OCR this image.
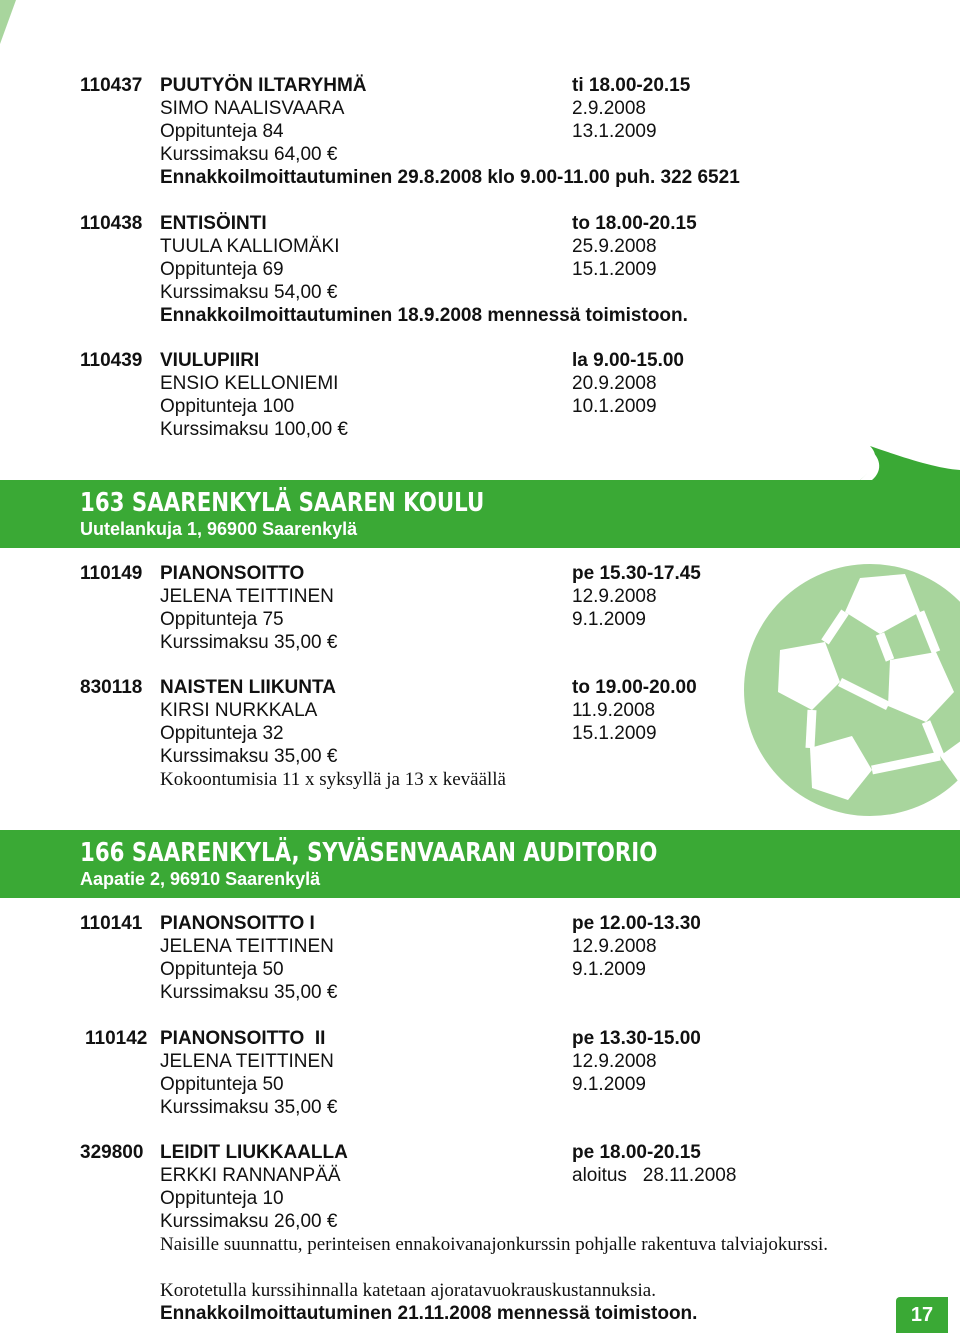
110437 PUUTYÖN ILTARYHMÄ	ti 18.00-20.15
SIMO NAALISVAARA	2.9.2008
Oppitunteja 84	13.1.2009
Kurssimaksu 64,00 €
Ennakkoilmoittautuminen 29.8.2008 klo 9.00-11.00 puh. 322 6521
110438 ENTISÖINTI	to 18.00-20.15
TUULA KALLIOMÄKI	25.9.2008
Oppitunteja 69	15.1.2009
Kurssimaksu 54,00 €
Ennakkoilmoittautuminen 18.9.2008 mennessä toimistoon.
110439 VIULUPIIRI	la 9.00-15.00
ENSIO KELLONIEMI	20.9.2008
Oppitunteja 100	10.1.2009
Kurssimaksu 100,00 €
163 SAARENKYLÄ SAAREN KOULU
Uutelankuja 1, 96900 Saarenkylä
110149 PIANONSOITTO	pe 15.30-17.45
JELENA TEITTINEN	12.9.2008
Oppitunteja 75	9.1.2009
Kurssimaksu 35,00 €
830118 NAISTEN LIIKUNTA	to 19.00-20.00
KIRSI NURKKALA	11.9.2008
Oppitunteja 32	15.1.2009
Kurssimaksu 35,00 €
Kokoontumisia 11 x syksyllä ja 13 x keväällä
166 SAARENKYLÄ, SYVÄSENVAARAN AUDITORIO
Aapatie 2, 96910 Saarenkylä
110141 PIANONSOITTO I	pe 12.00-13.30
JELENA TEITTINEN	12.9.2008
Oppitunteja 50	9.1.2009
Kurssimaksu 35,00 €
110142 PIANONSOITTO  II	pe 13.30-15.00
JELENA TEITTINEN	12.9.2008
Oppitunteja 50	9.1.2009
Kurssimaksu 35,00 €
329800 LEIDIT LIUKKAALLA	pe 18.00-20.15
ERKKI RANNANPÄÄ	aloitus   28.11.2008
Oppitunteja 10
Kurssimaksu 26,00 €
Naisille suunnattu, perinteisen ennakoivanajonkurssin pohjalle rakentuva talviajokurssi.
Korotetulla kurssihinnalla katetaan ajoratavuokrauskustannuksia.
Ennakkoilmoittautuminen 21.11.2008 mennessä toimistoon.	17
